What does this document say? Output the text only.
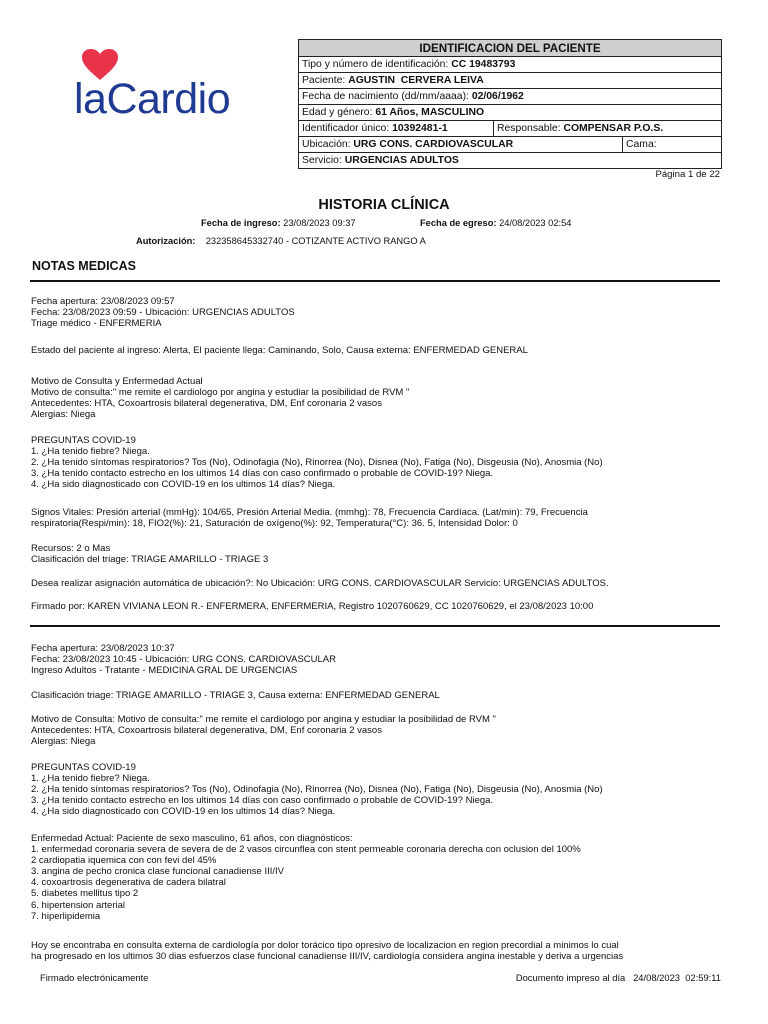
laCardio
IDENTIFICACION DEL PACIENTE		
Tipo y número de identificación: CC 19483793		
Paciente: AGUSTIN  CERVERA LEIVA		
Fecha de nacimiento (dd/mm/aaaa): 02/06/1962		
Edad y género: 61 Años, MASCULINO		
Identificador único: 10392481-1	Responsable: COMPENSAR P.O.S.	
Ubicación: URG CONS. CARDIOVASCULAR		Cama:
Servicio: URGENCIAS ADULTOS		
Página 1 de 22
HISTORIA CLÍNICA
Fecha de ingreso: 23/08/2023 09:37	Fecha de egreso: 24/08/2023 02:54
Autorización: 232358645332740 - COTIZANTE ACTIVO RANGO A
NOTAS MEDICAS
Fecha apertura: 23/08/2023 09:57
Fecha: 23/08/2023 09:59 - Ubicación: URGENCIAS ADULTOS
Triage médico - ENFERMERIA
Estado del paciente al ingreso: Alerta, El paciente llega: Caminando, Solo, Causa externa: ENFERMEDAD GENERAL
Motivo de Consulta y Enfermedad Actual
Motivo de consulta:" me remite el cardiologo por angina y estudiar la posibilidad de RVM "
Antecedentes: HTA, Coxoartrosis bilateral degenerativa, DM, Enf coronaria 2 vasos
Alergias: Niega
PREGUNTAS COVID-19
1. ¿Ha tenido fiebre? Niega.
2. ¿Ha tenido síntomas respiratorios? Tos (No), Odinofagia (No), Rinorrea (No), Disnea (No), Fatiga (No), Disgeusia (No), Anosmia (No)
3. ¿Ha tenido contacto estrecho en los ultimos 14 días con caso confirmado o probable de COVID-19? Niega.
4. ¿Ha sido diagnosticado con COVID-19 en los ultimos 14 días? Niega.
Signos Vitales: Presión arterial (mmHg): 104/65, Presión Arterial Media. (mmhg): 78, Frecuencia Cardíaca. (Lat/min): 79, Frecuencia
respiratoria(Respi/min): 18, FIO2(%): 21, Saturación de oxígeno(%): 92, Temperatura(°C): 36. 5, Intensidad Dolor: 0
Recursos: 2 o Mas
Clasificación del triage: TRIAGE AMARILLO - TRIAGE 3
Desea realizar asignación automática de ubicación?: No Ubicación: URG CONS. CARDIOVASCULAR Servicio: URGENCIAS ADULTOS.
Firmado por: KAREN VIVIANA LEON R.- ENFERMERA, ENFERMERIA, Registro 1020760629, CC 1020760629, el 23/08/2023 10:00
Fecha apertura: 23/08/2023 10:37
Fecha: 23/08/2023 10:45 - Ubicación: URG CONS. CARDIOVASCULAR
Ingreso Adultos - Tratante - MEDICINA GRAL DE URGENCIAS
Clasificación triage: TRIAGE AMARILLO - TRIAGE 3, Causa externa: ENFERMEDAD GENERAL
Motivo de Consulta: Motivo de consulta:" me remite el cardiologo por angina y estudiar la posibilidad de RVM "
Antecedentes: HTA, Coxoartrosis bilateral degenerativa, DM, Enf coronaria 2 vasos
Alergias: Niega
PREGUNTAS COVID-19
1. ¿Ha tenido fiebre? Niega.
2. ¿Ha tenido síntomas respiratorios? Tos (No), Odinofagia (No), Rinorrea (No), Disnea (No), Fatiga (No), Disgeusia (No), Anosmia (No)
3. ¿Ha tenido contacto estrecho en los ultimos 14 días con caso confirmado o probable de COVID-19? Niega.
4. ¿Ha sido diagnosticado con COVID-19 en los ultimos 14 días? Niega.
Enfermedad Actual: Paciente de sexo masculino, 61 años, con diagnósticos:
1. enfermedad coronaria severa de severa de de 2 vasos circunflea con stent permeable coronaria derecha con oclusion del 100%
2 cardiopatia iquemica con con fevi del 45%
3. angina de pecho cronica clase funcional canadiense III/IV
4. coxoartrosis degenerativa de cadera bilatral
5. diabetes mellitus tipo 2
6. hipertension arterial
7. hiperlipidemia
Hoy se encontraba en consulta externa de cardiología por dolor torácico tipo opresivo de localizacion en region precordial a minimos lo cual
ha progresado en los ultimos 30 dias esfuerzos clase funcional canadiense III/IV, cardiología considera angina inestable y deriva a urgencias
Firmado electrónicamente	Documento impreso al día   24/08/2023  02:59:11
